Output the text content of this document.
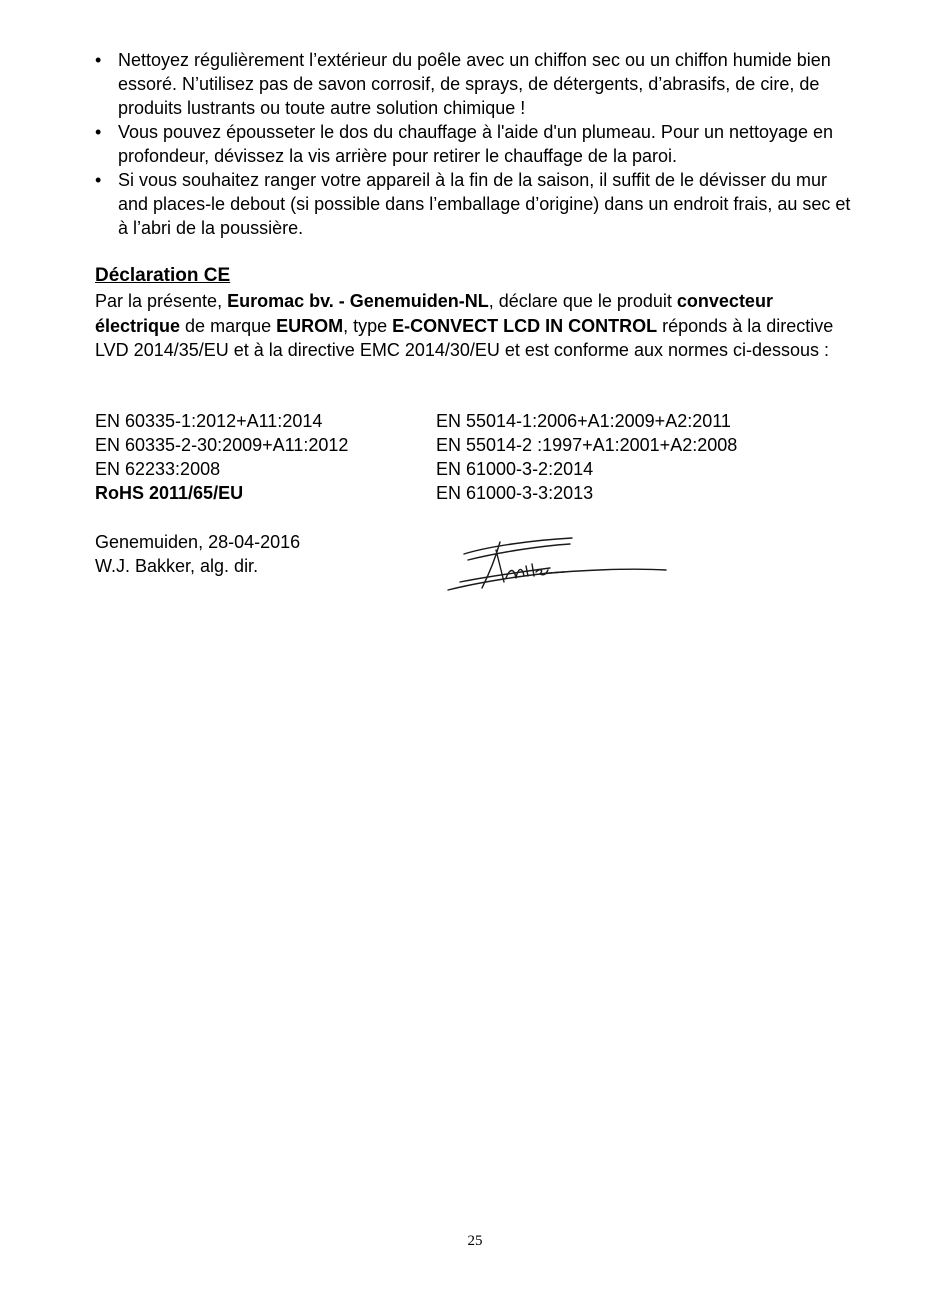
• Nettoyez régulièrement l’extérieur du poêle avec un chiffon sec ou un chiffon humide bien essoré. N’utilisez pas de savon corrosif, de sprays, de détergents, d’abrasifs, de cire, de produits lustrants ou toute autre solution chimique !
• Vous pouvez épousseter le dos du chauffage à l'aide d'un plumeau. Pour un nettoyage en profondeur, dévissez la vis arrière pour retirer le chauffage de la paroi.
• Si vous souhaitez ranger votre appareil à la fin de la saison, il suffit de le dévisser du mur and places-le debout (si possible dans l’emballage d’origine) dans un endroit frais, au sec et à l’abri de la poussière.
Déclaration CE
Par la présente, Euromac bv. - Genemuiden-NL, déclare que le produit convecteur électrique de marque EUROM, type E-CONVECT LCD IN CONTROL réponds à la directive LVD 2014/35/EU et à la directive EMC 2014/30/EU et est conforme aux normes ci-dessous :
EN 60335-1:2012+A11:2014
EN 60335-2-30:2009+A11:2012
EN 62233:2008
RoHS 2011/65/EU
EN 55014-1:2006+A1:2009+A2:2011
EN 55014-2 :1997+A1:2001+A2:2008
EN 61000-3-2:2014
EN 61000-3-3:2013
Genemuiden, 28-04-2016
W.J. Bakker, alg. dir.
25
